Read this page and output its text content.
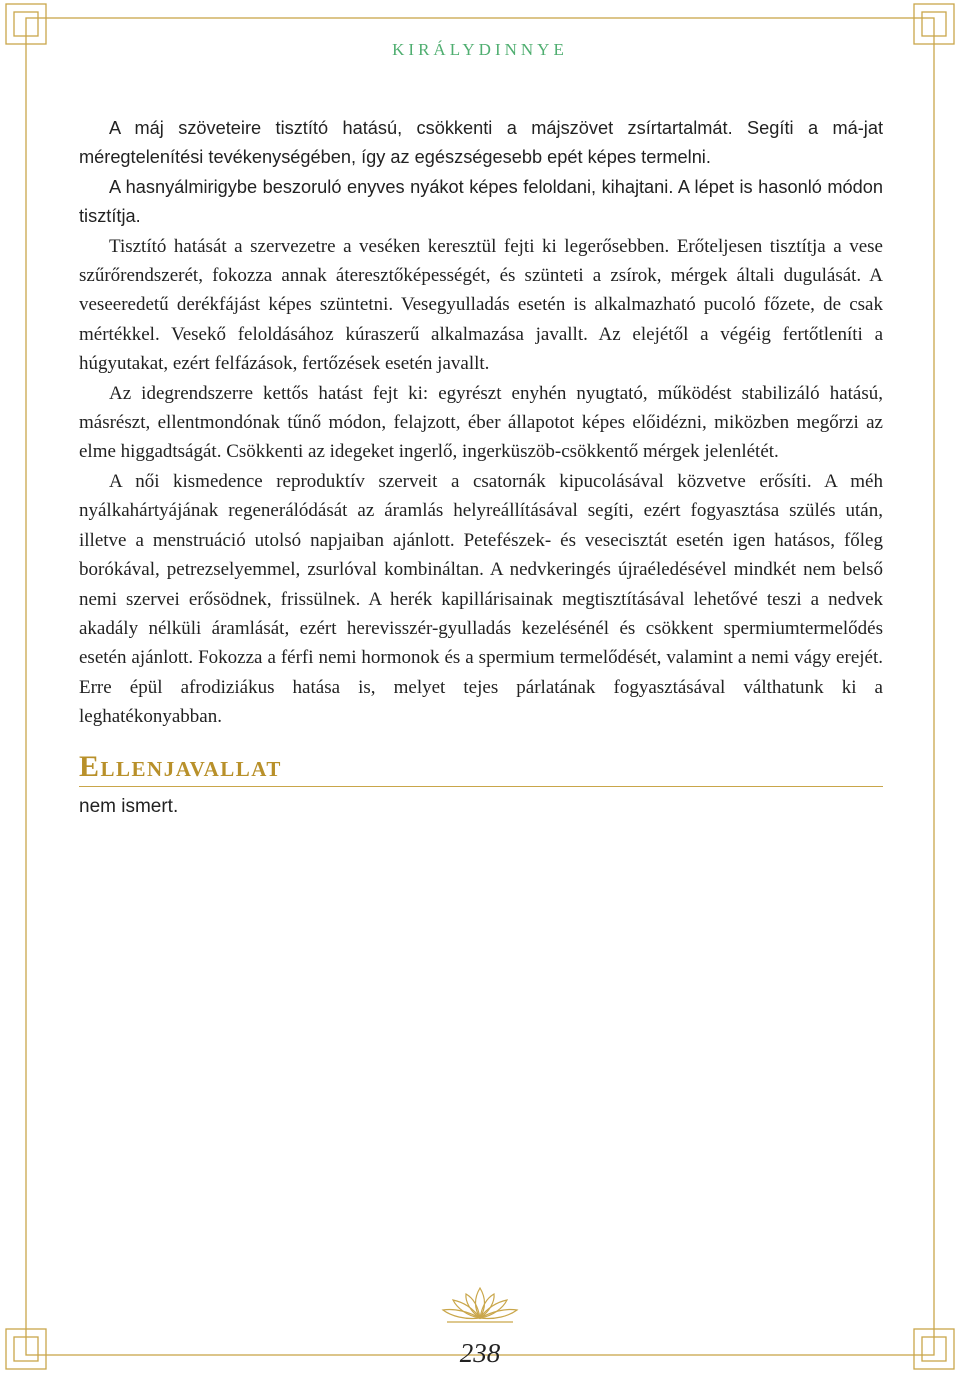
KIRÁLYDINNYE

A máj szöveteire tisztító hatású, csökkenti a májszövet zsírtartalmát. Segíti a má-jat méregtelenítési tevékenységében, így az egészségesebb epét képes termelni.

A hasnyálmirigybe beszoruló enyves nyákot képes feloldani, kihajtani. A lépet is hasonló módon tisztítja.

Tisztító hatását a szervezetre a veséken keresztül fejti ki legerősebben. Erőteljesen tisztítja a vese szűrőrendszerét, fokozza annak áteresztőképességét, és szünteti a zsírok, mérgek általi dugulását. A veseeredetű derékfájást képes szüntetni. Vesegyulladás esetén is alkalmazható pucoló főzete, de csak mértékkel. Vesekő feloldásához kúraszerű alkalmazása javallt. Az elejétől a végéig fertőtleníti a húgyutakat, ezért felfázások, fertőzések esetén javallt.

Az idegrendszerre kettős hatást fejt ki: egyrészt enyhén nyugtató, működést stabilizáló hatású, másrészt, ellentmondónak tűnő módon, felajzott, éber állapotot képes előidézni, miközben megőrzi az elme higgadtságát. Csökkenti az idegeket ingerlő, ingerküszöb-csökkentő mérgek jelenlétét.

A női kismedence reproduktív szerveit a csatornák kipucolásával közvetve erősíti. A méh nyálkahártyájának regenerálódását az áramlás helyreállításával segíti, ezért fogyasztása szülés után, illetve a menstruáció utolsó napjaiban ajánlott. Petefészek- és vesecisztát esetén igen hatásos, főleg borókával, petrezselyemmel, zsurlóval kombináltan. A nedvkeringés újraéledésével mindkét nem belső nemi szervei erősödnek, frissülnek. A herék kapillárisainak megtisztításával lehetővé teszi a nedvek akadály nélküli áramlását, ezért herevisszér-gyulladás kezelésénél és csökkent spermiumtermelődés esetén ajánlott. Fokozza a férfi nemi hormonok és a spermium termelődését, valamint a nemi vágy erejét. Erre épül afrodiziákus hatása is, melyet tejes párlatának fogyasztásával válthatunk ki a leghatékonyabban.

Ellenjavallat

nem ismert.

238
